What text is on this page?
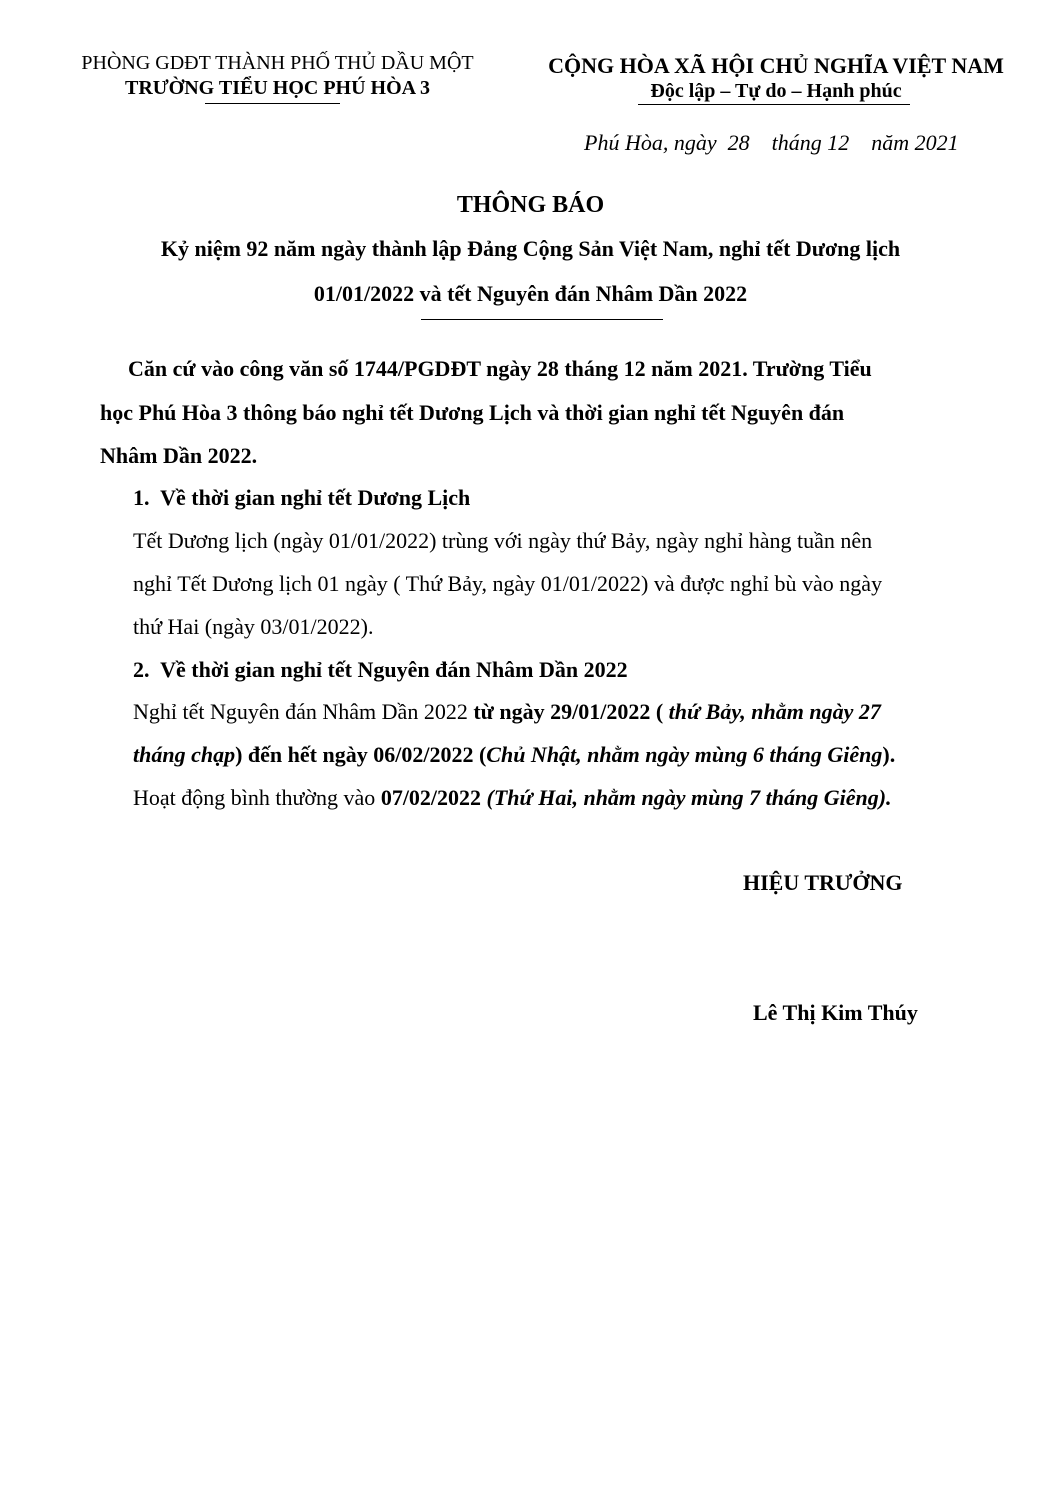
PHÒNG GDĐT THÀNH PHỐ THỦ DẦU MỘT
TRƯỜNG TIỂU HỌC PHÚ HÒA 3
CỘNG HÒA XÃ HỘI CHỦ NGHĨA VIỆT NAM
Độc lập – Tự do – Hạnh phúc
Phú Hòa, ngày  28    tháng 12    năm 2021
THÔNG BÁO
Kỷ niệm 92 năm ngày thành lập Đảng Cộng Sản Việt Nam, nghỉ tết Dương lịch
01/01/2022 và tết Nguyên đán Nhâm Dần 2022
Căn cứ vào công văn số 1744/PGDĐT ngày 28 tháng 12 năm 2021. Trường Tiểu
học Phú Hòa 3 thông báo nghỉ tết Dương Lịch và thời gian nghỉ tết Nguyên đán
Nhâm Dần 2022.
1.  Về thời gian nghỉ tết Dương Lịch
Tết Dương lịch (ngày 01/01/2022) trùng với ngày thứ Bảy, ngày nghỉ hàng tuần nên
nghỉ Tết Dương lịch 01 ngày ( Thứ Bảy, ngày 01/01/2022) và được nghỉ bù vào ngày
thứ Hai (ngày 03/01/2022).
2.  Về thời gian nghỉ tết Nguyên đán Nhâm Dần 2022
Nghỉ tết Nguyên đán Nhâm Dần 2022 từ ngày 29/01/2022 ( thứ Bảy, nhằm ngày 27
tháng chạp) đến hết ngày 06/02/2022 (Chủ Nhật, nhằm ngày mùng 6 tháng Giêng).
Hoạt động bình thường vào 07/02/2022 (Thứ Hai, nhằm ngày mùng 7 tháng Giêng).
HIỆU TRƯỞNG
Lê Thị Kim Thúy
